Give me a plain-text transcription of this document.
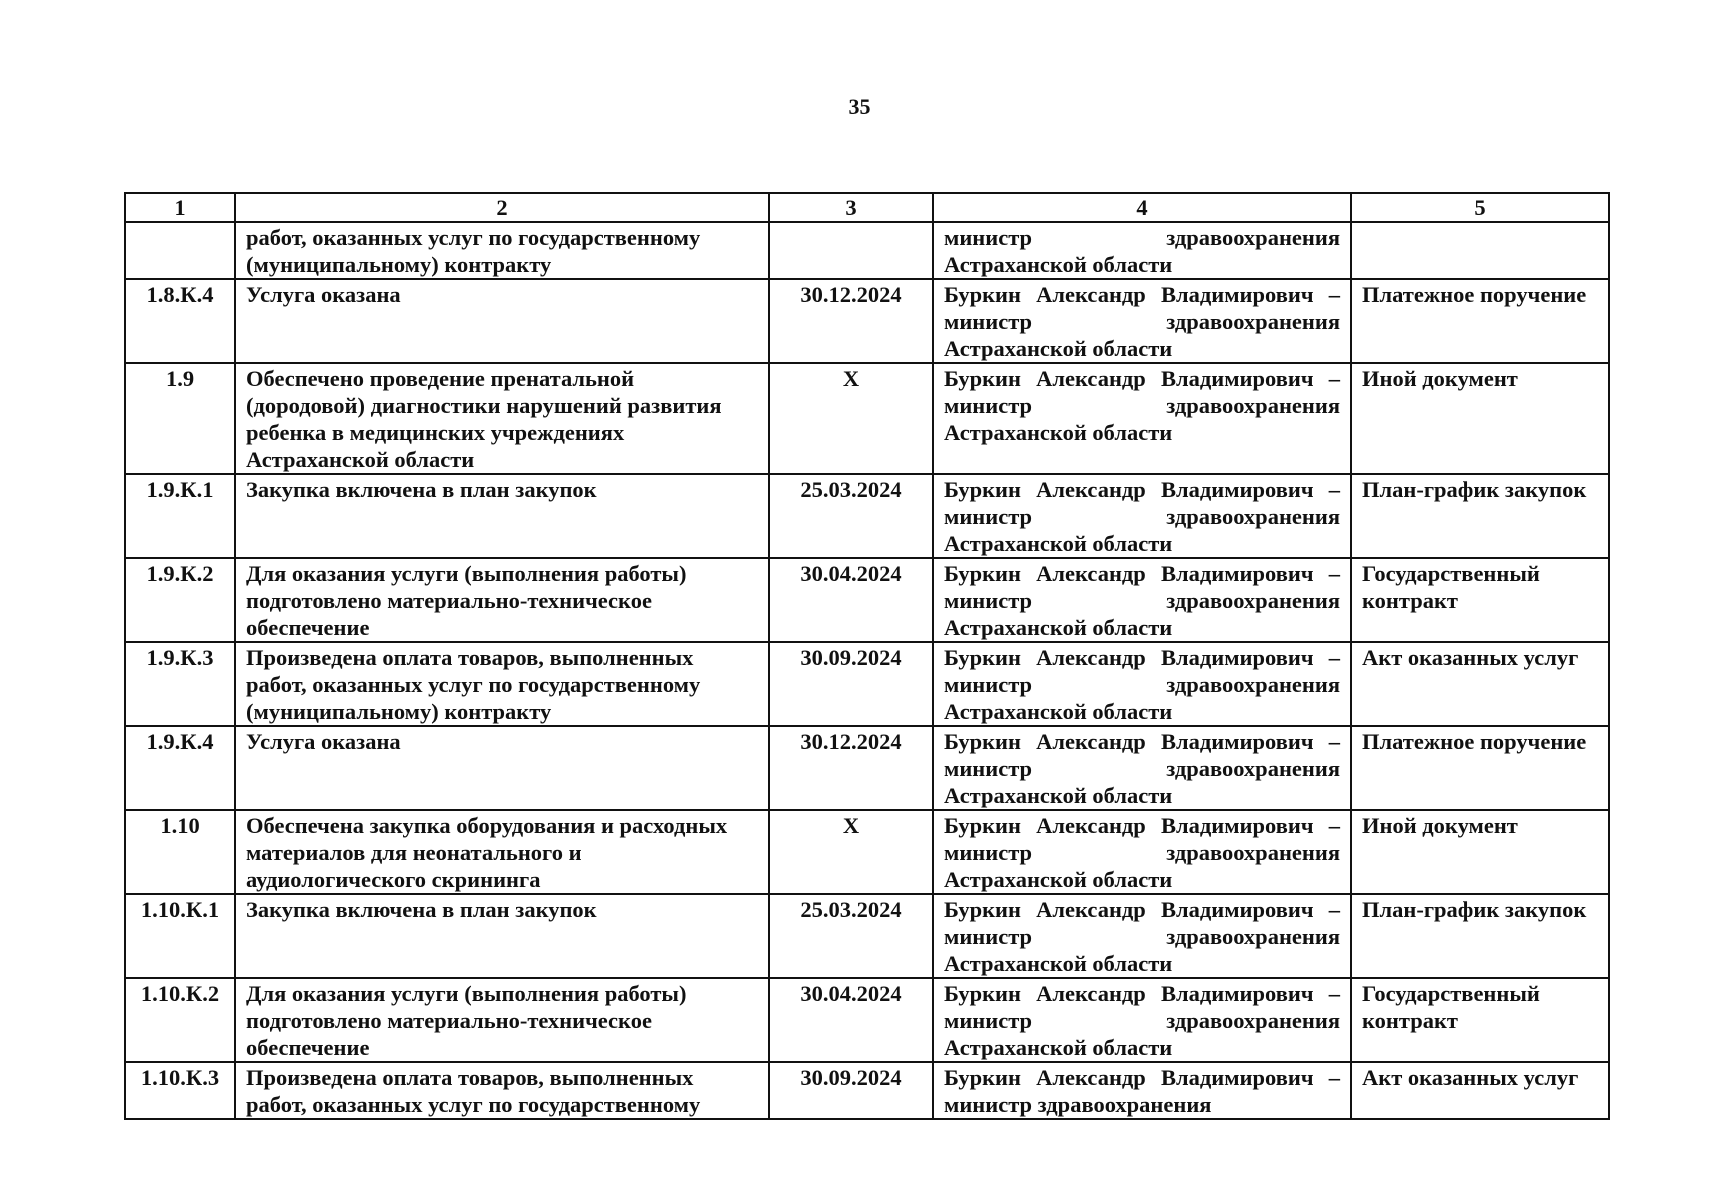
35
1	2	3	4	5
	работ, оказанных услуг по государственному (муниципальному) контракту		министр здравоохранения Астраханской области	
1.8.К.4	Услуга оказана	30.12.2024	Буркин Александр Владимирович – министр здравоохранения Астраханской области	Платежное поручение
1.9	Обеспечено проведение пренатальной (дородовой) диагностики нарушений развития ребенка в медицинских учреждениях Астраханской области	X	Буркин Александр Владимирович – министр здравоохранения Астраханской области	Иной документ
1.9.К.1	Закупка включена в план закупок	25.03.2024	Буркин Александр Владимирович – министр здравоохранения Астраханской области	План-график закупок
1.9.К.2	Для оказания услуги (выполнения работы) подготовлено материально-техническое обеспечение	30.04.2024	Буркин Александр Владимирович – министр здравоохранения Астраханской области	Государственный контракт
1.9.К.3	Произведена оплата товаров, выполненных работ, оказанных услуг по государственному (муниципальному) контракту	30.09.2024	Буркин Александр Владимирович – министр здравоохранения Астраханской области	Акт оказанных услуг
1.9.К.4	Услуга оказана	30.12.2024	Буркин Александр Владимирович – министр здравоохранения Астраханской области	Платежное поручение
1.10	Обеспечена закупка оборудования и расходных материалов для неонатального и аудиологического скрининга	X	Буркин Александр Владимирович – министр здравоохранения Астраханской области	Иной документ
1.10.К.1	Закупка включена в план закупок	25.03.2024	Буркин Александр Владимирович – министр здравоохранения Астраханской области	План-график закупок
1.10.К.2	Для оказания услуги (выполнения работы) подготовлено материально-техническое обеспечение	30.04.2024	Буркин Александр Владимирович – министр здравоохранения Астраханской области	Государственный контракт
1.10.К.3	Произведена оплата товаров, выполненных работ, оказанных услуг по государственному	30.09.2024	Буркин Александр Владимирович – министр здравоохранения	Акт оказанных услуг
